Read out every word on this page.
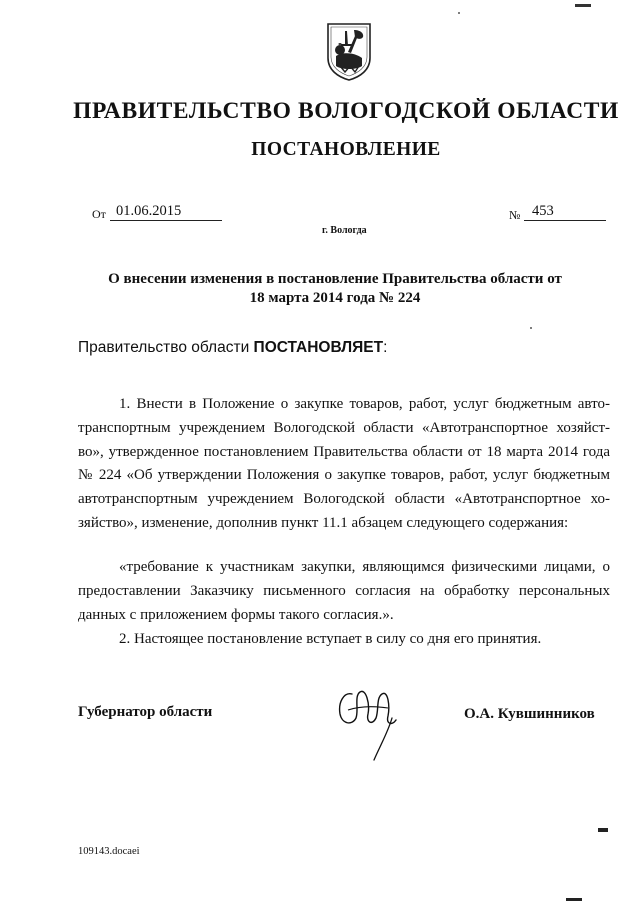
ПРАВИТЕЛЬСТВО ВОЛОГОДСКОЙ ОБЛАСТИ
ПОСТАНОВЛЕНИЕ
От 01.06.2015	№ 453
г. Вологда
О внесении изменения в постановление Правительства области от 18 марта 2014 года № 224
Правительство области ПОСТАНОВЛЯЕТ:
1. Внести в Положение о закупке товаров, работ, услуг бюджетным авто-транспортным учреждением Вологодской области «Автотранспортное хозяйст-во», утвержденное постановлением Правительства области от 18 марта 2014 года № 224 «Об утверждении Положения о закупке товаров, работ, услуг бюджетным автотранспортным учреждением Вологодской области «Автотранспортное хо-зяйство», изменение, дополнив пункт 11.1 абзацем следующего содержания:
«требование к участникам закупки, являющимся физическими лицами, о предоставлении Заказчику письменного согласия на обработку персональных данных с приложением формы такого согласия.».
2. Настоящее постановление вступает в силу со дня его принятия.
Губернатор области	О.А. Кувшинников
109143.docaei
